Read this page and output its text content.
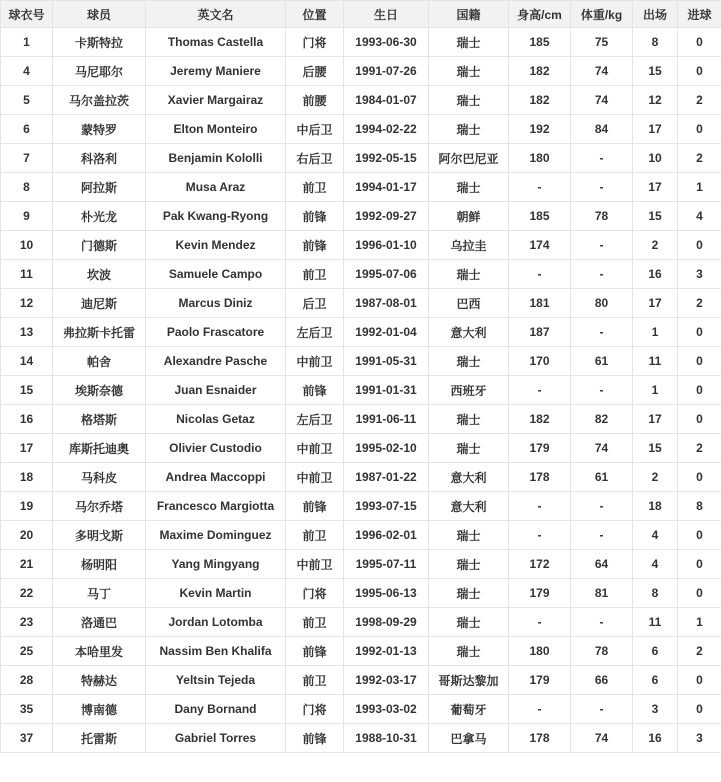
球衣号	球员	英文名	位置	生日	国籍	身高/cm	体重/kg	出场	进球
1	卡斯特拉	Thomas Castella	门将	1993-06-30	瑞士	185	75	8	0
4	马尼耶尔	Jeremy Maniere	后腰	1991-07-26	瑞士	182	74	15	0
5	马尔盖拉茨	Xavier Margairaz	前腰	1984-01-07	瑞士	182	74	12	2
6	蒙特罗	Elton Monteiro	中后卫	1994-02-22	瑞士	192	84	17	0
7	科洛利	Benjamin Kololli	右后卫	1992-05-15	阿尔巴尼亚	180	-	10	2
8	阿拉斯	Musa Araz	前卫	1994-01-17	瑞士	-	-	17	1
9	朴光龙	Pak Kwang-Ryong	前锋	1992-09-27	朝鲜	185	78	15	4
10	门德斯	Kevin Mendez	前锋	1996-01-10	乌拉圭	174	-	2	0
11	坎波	Samuele Campo	前卫	1995-07-06	瑞士	-	-	16	3
12	迪尼斯	Marcus Diniz	后卫	1987-08-01	巴西	181	80	17	2
13	弗拉斯卡托雷	Paolo Frascatore	左后卫	1992-01-04	意大利	187	-	1	0
14	帕舍	Alexandre Pasche	中前卫	1991-05-31	瑞士	170	61	11	0
15	埃斯奈德	Juan Esnaider	前锋	1991-01-31	西班牙	-	-	1	0
16	格塔斯	Nicolas Getaz	左后卫	1991-06-11	瑞士	182	82	17	0
17	库斯托迪奥	Olivier Custodio	中前卫	1995-02-10	瑞士	179	74	15	2
18	马科皮	Andrea Maccoppi	中前卫	1987-01-22	意大利	178	61	2	0
19	马尔乔塔	Francesco Margiotta	前锋	1993-07-15	意大利	-	-	18	8
20	多明戈斯	Maxime Dominguez	前卫	1996-02-01	瑞士	-	-	4	0
21	杨明阳	Yang Mingyang	中前卫	1995-07-11	瑞士	172	64	4	0
22	马丁	Kevin Martin	门将	1995-06-13	瑞士	179	81	8	0
23	洛通巴	Jordan Lotomba	前卫	1998-09-29	瑞士	-	-	11	1
25	本哈里发	Nassim Ben Khalifa	前锋	1992-01-13	瑞士	180	78	6	2
28	特赫达	Yeltsin Tejeda	前卫	1992-03-17	哥斯达黎加	179	66	6	0
35	博南德	Dany Bornand	门将	1993-03-02	葡萄牙	-	-	3	0
37	托雷斯	Gabriel Torres	前锋	1988-10-31	巴拿马	178	74	16	3
